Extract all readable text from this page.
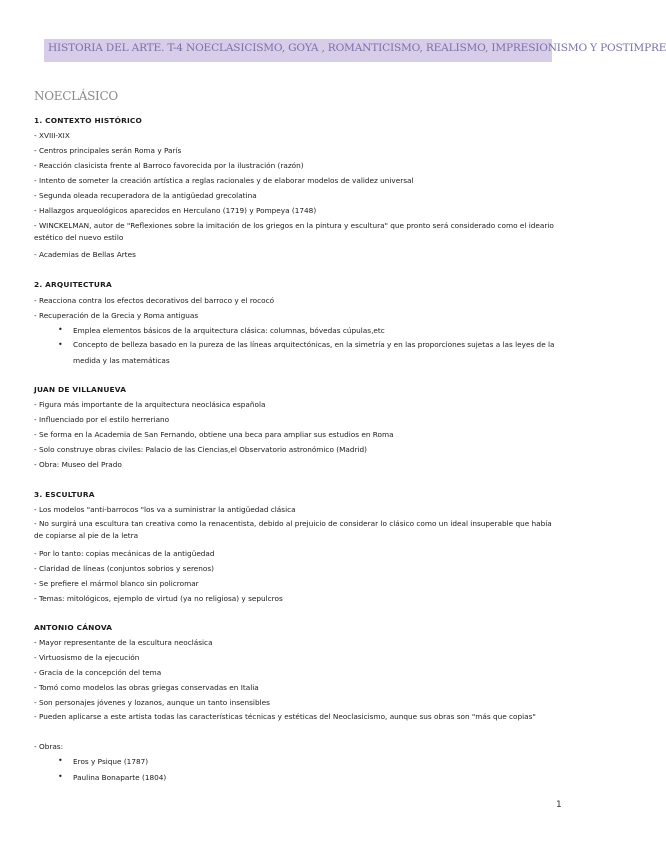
HISTORIA DEL ARTE. T-4 NOECLASICISMO, GOYA , ROMANTICISMO, REALISMO, IMPRESIONISMO Y POSTIMPRE
NOECLÁSICO
1. CONTEXTO HISTÓRICO
- XVIII-XIX
- Centros principales serán Roma y París
- Reacción clasicista frente al Barroco favorecida por la ilustración (razón)
- Intento de someter la creación artística a reglas racionales y de elaborar modelos de validez universal
- Segunda oleada recuperadora de la antigüedad grecolatina
- Hallazgos arqueológicos aparecidos en Herculano (1719) y Pompeya (1748)
- WINCKELMAN, autor de "Reflexiones sobre la imitación de los griegos en la pintura y escultura" que pronto será considerado como el ideario estético del nuevo estilo
- Academias de Bellas Artes
2. ARQUITECTURA
- Reacciona contra los efectos decorativos del barroco y el rococó
- Recuperación de la Grecia y Roma antiguas
• Emplea elementos básicos de la arquitectura clásica: columnas, bóvedas cúpulas,etc
• Concepto de belleza basado en la pureza de las líneas arquitectónicas, en la simetría y en las proporciones sujetas a las leyes de la medida y las matemáticas
JUAN DE VILLANUEVA
- Figura más importante de la arquitectura neoclásica española
- Influenciado por el estilo herreriano
- Se forma en la Academia de San Fernando, obtiene una beca para ampliar sus estudios en Roma
- Solo construye obras civiles: Palacio de las Ciencias,el Observatorio astronómico (Madrid)
- Obra: Museo del Prado
3. ESCULTURA
- Los modelos "anti-barrocos "los va a suministrar la antigüedad clásica
- No surgirá una escultura tan creativa como la renacentista, debido al prejuicio de considerar lo clásico como un ideal insuperable que había de copiarse al pie de la letra
- Por lo tanto: copias mecánicas de la antigüedad
- Claridad de líneas (conjuntos sobrios y serenos)
- Se prefiere el mármol blanco sin policromar
- Temas: mitológicos, ejemplo de virtud (ya no religiosa) y sepulcros
ANTONIO CÁNOVA
- Mayor representante de la escultura neoclásica
- Virtuosismo de la ejecución
- Gracia de la concepción del tema
- Tomó como modelos las obras griegas conservadas en Italia
- Son personajes jóvenes y lozanos, aunque un tanto insensibles
- Pueden aplicarse a este artista todas las características técnicas y estéticas del Neoclasicismo, aunque sus obras son "más que copias"
- Obras:
• Eros y Psique (1787)
• Paulina Bonaparte (1804)
1
